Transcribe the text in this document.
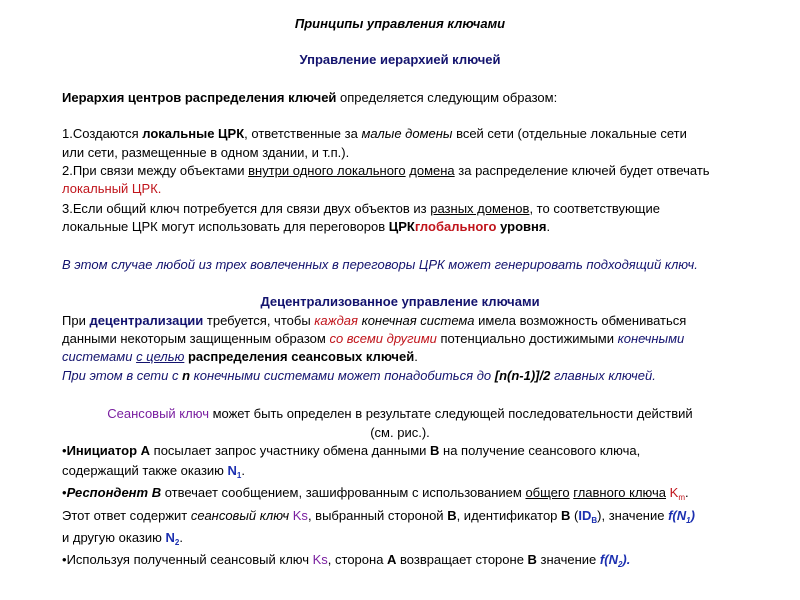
Принципы управления ключами
Управление иерархией ключей
Иерархия центров распределения ключей определяется следующим образом:
1.Создаются локальные ЦРК, ответственные за малые домены всей сети (отдельные локальные сети
или сети, размещенные в одном здании, и т.п.).
2.При связи между объектами внутри одного локального домена за распределение ключей будет отвечать
локальный ЦРК.
3.Если общий ключ потребуется для связи двух объектов из разных доменов, то соответствующие
локальные ЦРК могут использовать для переговоров ЦРКглобального уровня.
В этом случае любой из трех вовлеченных в переговоры ЦРК может генерировать подходящий ключ.
Децентрализованное управление ключами
При децентрализации требуется, чтобы каждая конечная система имела возможность обмениваться
данными некоторым защищенным образом со всеми другими потенциально достижимыми конечными
системами с целью распределения сеансовых ключей.
При этом в сети с n конечными системами может понадобиться до [n(n-1)]/2 главных ключей.
Сеансовый ключ может быть определен в результате следующей последовательности действий
(см. рис.).
•Инициатор А посылает запрос участнику обмена данными В на получение сеансового ключа,
содержащий также оказию $N_1$.
•Респондент В отвечает сообщением, зашифрованным с использованием общего главного ключа $K_m$.
Этот ответ содержит сеансовый ключ Ks, выбранный стороной В, идентификатор В $(ID_B)$, значение $f(N_1)$
и другую оказию $N_2$.
•Используя полученный сеансовый ключ Ks, сторона А возвращает стороне В значение $f(N_2)$.
